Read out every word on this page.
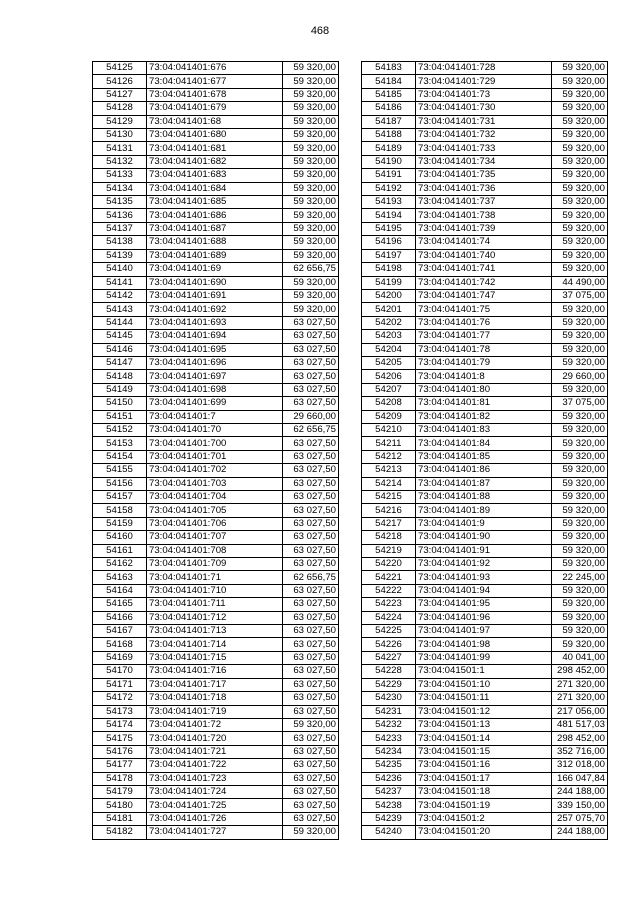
468
54125	73:04:041401:676	59 320,00
54126	73:04:041401:677	59 320,00
54127	73:04:041401:678	59 320,00
54128	73:04:041401:679	59 320,00
54129	73:04:041401:68	59 320,00
54130	73:04:041401:680	59 320,00
54131	73:04:041401:681	59 320,00
54132	73:04:041401:682	59 320,00
54133	73:04:041401:683	59 320,00
54134	73:04:041401:684	59 320,00
54135	73:04:041401:685	59 320,00
54136	73:04:041401:686	59 320,00
54137	73:04:041401:687	59 320,00
54138	73:04:041401:688	59 320,00
54139	73:04:041401:689	59 320,00
54140	73:04:041401:69	62 656,75
54141	73:04:041401:690	59 320,00
54142	73:04:041401:691	59 320,00
54143	73:04:041401:692	59 320,00
54144	73:04:041401:693	63 027,50
54145	73:04:041401:694	63 027,50
54146	73:04:041401:695	63 027,50
54147	73:04:041401:696	63 027,50
54148	73:04:041401:697	63 027,50
54149	73:04:041401:698	63 027,50
54150	73:04:041401:699	63 027,50
54151	73:04:041401:7	29 660,00
54152	73:04:041401:70	62 656,75
54153	73:04:041401:700	63 027,50
54154	73:04:041401:701	63 027,50
54155	73:04:041401:702	63 027,50
54156	73:04:041401:703	63 027,50
54157	73:04:041401:704	63 027,50
54158	73:04:041401:705	63 027,50
54159	73:04:041401:706	63 027,50
54160	73:04:041401:707	63 027,50
54161	73:04:041401:708	63 027,50
54162	73:04:041401:709	63 027,50
54163	73:04:041401:71	62 656,75
54164	73:04:041401:710	63 027,50
54165	73:04:041401:711	63 027,50
54166	73:04:041401:712	63 027,50
54167	73:04:041401:713	63 027,50
54168	73:04:041401:714	63 027,50
54169	73:04:041401:715	63 027,50
54170	73:04:041401:716	63 027,50
54171	73:04:041401:717	63 027,50
54172	73:04:041401:718	63 027,50
54173	73:04:041401:719	63 027,50
54174	73:04:041401:72	59 320,00
54175	73:04:041401:720	63 027,50
54176	73:04:041401:721	63 027,50
54177	73:04:041401:722	63 027,50
54178	73:04:041401:723	63 027,50
54179	73:04:041401:724	63 027,50
54180	73:04:041401:725	63 027,50
54181	73:04:041401:726	63 027,50
54182	73:04:041401:727	59 320,00
54183	73:04:041401:728	59 320,00
54184	73:04:041401:729	59 320,00
54185	73:04:041401:73	59 320,00
54186	73:04:041401:730	59 320,00
54187	73:04:041401:731	59 320,00
54188	73:04:041401:732	59 320,00
54189	73:04:041401:733	59 320,00
54190	73:04:041401:734	59 320,00
54191	73:04:041401:735	59 320,00
54192	73:04:041401:736	59 320,00
54193	73:04:041401:737	59 320,00
54194	73:04:041401:738	59 320,00
54195	73:04:041401:739	59 320,00
54196	73:04:041401:74	59 320,00
54197	73:04:041401:740	59 320,00
54198	73:04:041401:741	59 320,00
54199	73:04:041401:742	44 490,00
54200	73:04:041401:747	37 075,00
54201	73:04:041401:75	59 320,00
54202	73:04:041401:76	59 320,00
54203	73:04:041401:77	59 320,00
54204	73:04:041401:78	59 320,00
54205	73:04:041401:79	59 320,00
54206	73:04:041401:8	29 660,00
54207	73:04:041401:80	59 320,00
54208	73:04:041401:81	37 075,00
54209	73:04:041401:82	59 320,00
54210	73:04:041401:83	59 320,00
54211	73:04:041401:84	59 320,00
54212	73:04:041401:85	59 320,00
54213	73:04:041401:86	59 320,00
54214	73:04:041401:87	59 320,00
54215	73:04:041401:88	59 320,00
54216	73:04:041401:89	59 320,00
54217	73:04:041401:9	59 320,00
54218	73:04:041401:90	59 320,00
54219	73:04:041401:91	59 320,00
54220	73:04:041401:92	59 320,00
54221	73:04:041401:93	22 245,00
54222	73:04:041401:94	59 320,00
54223	73:04:041401:95	59 320,00
54224	73:04:041401:96	59 320,00
54225	73:04:041401:97	59 320,00
54226	73:04:041401:98	59 320,00
54227	73:04:041401:99	40 041,00
54228	73:04:041501:1	298 452,00
54229	73:04:041501:10	271 320,00
54230	73:04:041501:11	271 320,00
54231	73:04:041501:12	217 056,00
54232	73:04:041501:13	481 517,03
54233	73:04:041501:14	298 452,00
54234	73:04:041501:15	352 716,00
54235	73:04:041501:16	312 018,00
54236	73:04:041501:17	166 047,84
54237	73:04:041501:18	244 188,00
54238	73:04:041501:19	339 150,00
54239	73:04:041501:2	257 075,70
54240	73:04:041501:20	244 188,00
